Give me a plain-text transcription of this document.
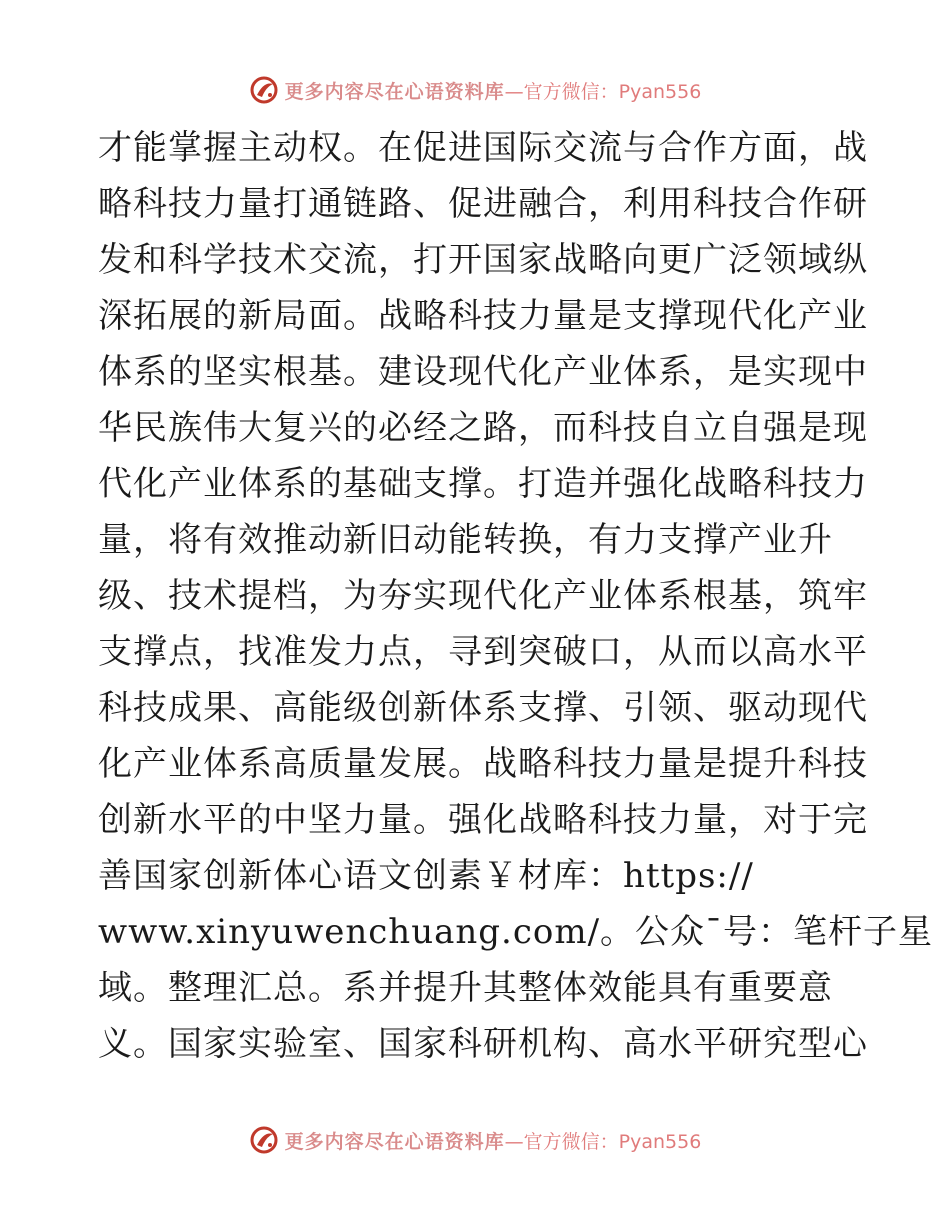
更多内容尽在心语资料库 —官方微信：Pyan556
才能掌握主动权。在促进国际交流与合作方面，战
略科技力量打通链路、促进融合，利用科技合作研
发和科学技术交流，打开国家战略向更广泛领域纵
深拓展的新局面。战略科技力量是支撑现代化产业
体系的坚实根基。建设现代化产业体系，是实现中
华民族伟大复兴的必经之路，而科技自立自强是现
代化产业体系的基础支撑。打造并强化战略科技力
量，将有效推动新旧动能转换，有力支撑产业升
级、技术提档，为夯实现代化产业体系根基，筑牢
支撑点，找准发力点，寻到突破口，从而以高水平
科技成果、高能级创新体系支撑、引领、驱动现代
化产业体系高质量发展。战略科技力量是提升科技
创新水平的中坚力量。强化战略科技力量，对于完
善国家创新体心语文创素￥材库：https://
www.xinyuwenchuang.com/。公众¯号：笔杆子星
域。整理汇总。系并提升其整体效能具有重要意
义。国家实验室、国家科研机构、高水平研究型心
更多内容尽在心语资料库 —官方微信：Pyan556
